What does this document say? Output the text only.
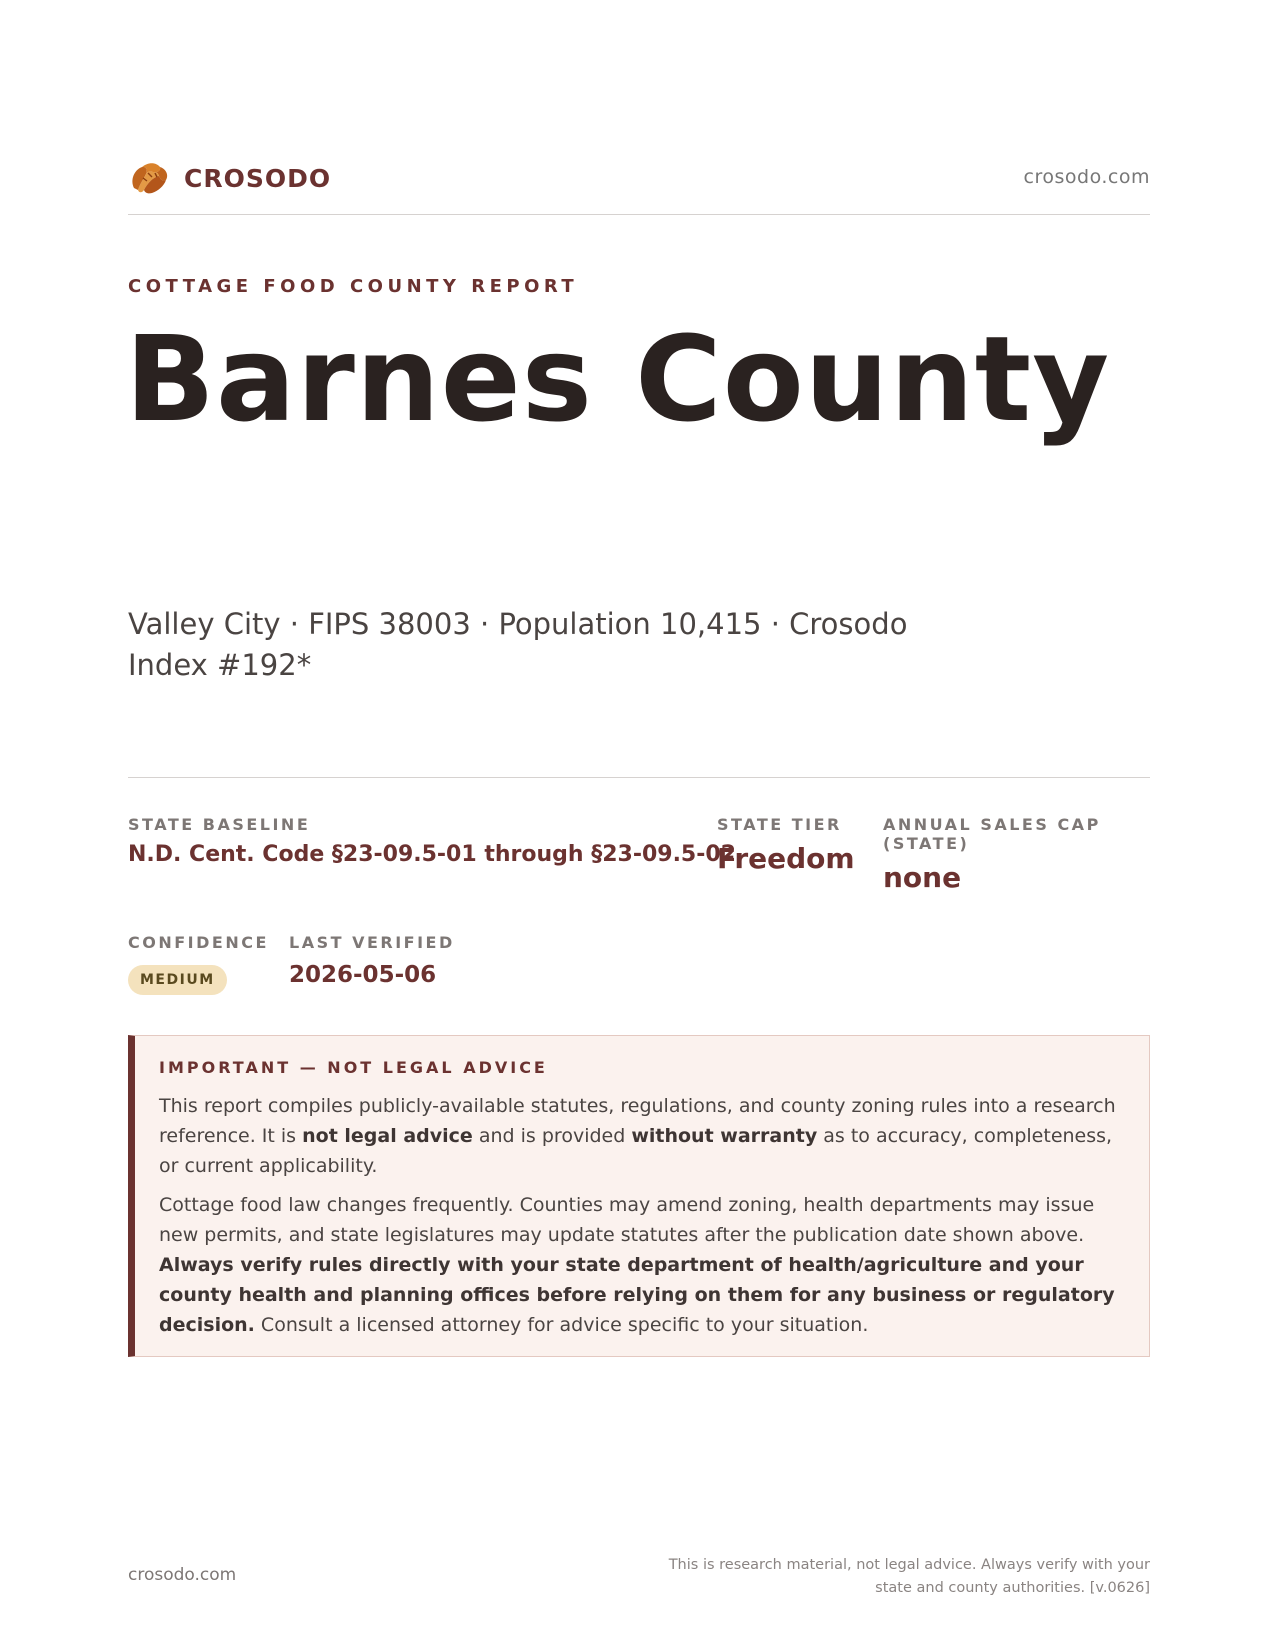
CROSODO	crosodo.com
COTTAGE FOOD COUNTY REPORT
Barnes County
Valley City · FIPS 38003 · Population 10,415 · Crosodo Index #192*
STATE BASELINE
N.D. Cent. Code §23-09.5-01 through §23-09.5-02
STATE TIER
Freedom
ANNUAL SALES CAP (STATE)
none
CONFIDENCE
MEDIUM
LAST VERIFIED
2026-05-06
IMPORTANT — NOT LEGAL ADVICE

This report compiles publicly-available statutes, regulations, and county zoning rules into a research reference. It is not legal advice and is provided without warranty as to accuracy, completeness, or current applicability.

Cottage food law changes frequently. Counties may amend zoning, health departments may issue new permits, and state legislatures may update statutes after the publication date shown above. Always verify rules directly with your state department of health/agriculture and your county health and planning offices before relying on them for any business or regulatory decision. Consult a licensed attorney for advice specific to your situation.

crosodo.com	This is research material, not legal advice. Always verify with your state and county authorities. [v.0626]
